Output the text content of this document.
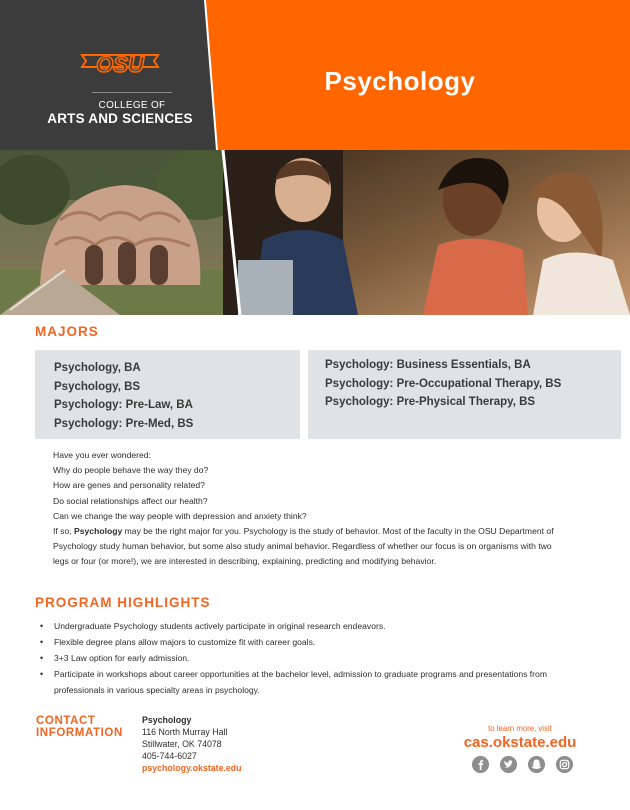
OSU
COLLEGE OF
ARTS AND SCIENCES
Psychology
MAJORS
Psychology, BA
Psychology, BS
Psychology: Pre-Law, BA
Psychology: Pre-Med, BS
Psychology: Business Essentials, BA
Psychology: Pre-Occupational Therapy, BS
Psychology: Pre-Physical Therapy, BS
Have you ever wondered:
Why do people behave the way they do?
How are genes and personality related?
Do social relationships affect our health?
Can we change the way people with depression and anxiety think?
If so, Psychology may be the right major for you. Psychology is the study of behavior. Most of the faculty in the OSU Department of Psychology study human behavior, but some also study animal behavior. Regardless of whether our focus is on organisms with two legs or four (or more!), we are interested in describing, explaining, predicting and modifying behavior.
PROGRAM HIGHLIGHTS
• Undergraduate Psychology students actively participate in original research endeavors.
• Flexible degree plans allow majors to customize fit with career goals.
• 3+3 Law option for early admission.
• Participate in workshops about career opportunities at the bachelor level, admission to graduate programs and presentations from professionals in various specialty areas in psychology.
CONTACT
INFORMATION
Psychology
116 North Murray Hall
Stillwater, OK 74078
405-744-6027
psychology.okstate.edu
to learn more, visit
cas.okstate.edu
